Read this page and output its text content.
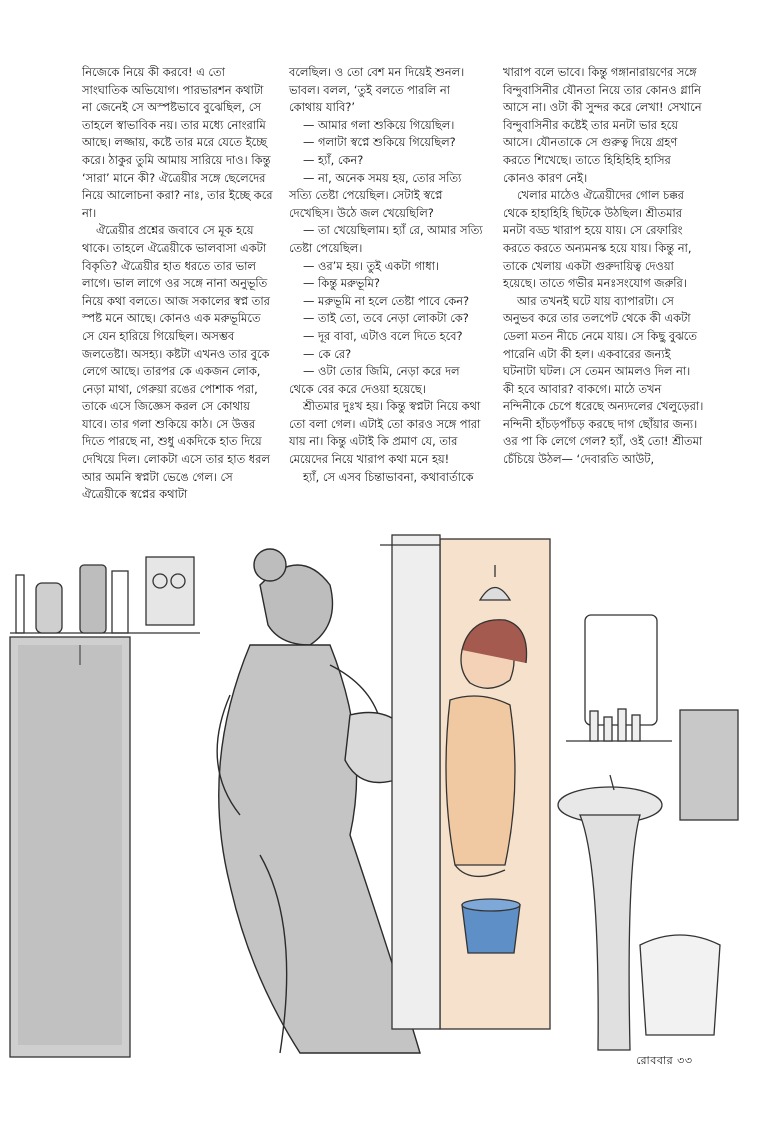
নিজেকে নিয়ে কী করবে! এ তো সাংঘাতিক অভিযোগ। পারভারশন কথাটা না জেনেই সে অস্পষ্টভাবে বুঝেছিল, সে তাহলে স্বাভাবিক নয়। তার মধ্যে নোংরামি আছে। লজ্জায়, কষ্টে তার মরে যেতে ইচ্ছে করে। ঠাকুর তুমি আমায় সারিয়ে দাও। কিন্তু ‘সারা’ মানে কী? ঐত্রেয়ীর সঙ্গে ছেলেদের নিয়ে আলোচনা করা? নাঃ, তার ইচ্ছে করে না।

ঐত্রেয়ীর প্রশ্নের জবাবে সে মূক হয়ে থাকে। তাহলে ঐত্রেয়ীকে ভালবাসা একটা বিকৃতি? ঐত্রেয়ীর হাত ধরতে তার ভাল লাগে। ভাল লাগে ওর সঙ্গে নানা অনুভূতি নিয়ে কথা বলতে। আজ সকালের স্বপ্ন তার স্পষ্ট মনে আছে। কোনও এক মরুভূমিতে সে যেন হারিয়ে গিয়েছিল। অসম্ভব জলতেষ্টা। অসহ্য। কষ্টটা এখনও তার বুকে লেগে আছে। তারপর কে একজন লোক, নেড়া মাথা, গেরুয়া রঙের পোশাক পরা, তাকে এসে জিজ্ঞেস করল সে কোথায় যাবে। তার গলা শুকিয়ে কাঠ। সে উত্তর দিতে পারছে না, শুধু একদিকে হাত দিয়ে দেখিয়ে দিল। লোকটা এসে তার হাত ধরল আর অমনি স্বপ্নটা ভেঙে গেল। সে ঐত্রেয়ীকে স্বপ্নের কথাটা

বলেছিল। ও তো বেশ মন দিয়েই শুনল। ভাবল। বলল, ‘তুই বলতে পারলি না কোথায় যাবি?’

— আমার গলা শুকিয়ে গিয়েছিল।

— গলাটা স্বপ্নে শুকিয়ে গিয়েছিল?

— হ্যাঁ, কেন?

— না, অনেক সময় হয়, তোর সত্যি সত্যি তেষ্টা পেয়েছিল। সেটাই স্বপ্নে দেখেছিস। উঠে জল খেয়েছিলি?

— তা খেয়েছিলাম। হ্যাঁ রে, আমার সত্যি তেষ্টা পেয়েছিল।

— ওর’ম হয়। তুই একটা গাধা।

— কিন্তু মরুভূমি?

— মরুভূমি না হলে তেষ্টা পাবে কেন?

— তাই তো, তবে নেড়া লোকটা কে?

— দূর বাবা, এটাও বলে দিতে হবে?

— কে রে?

— ওটা তোর জিমি, নেড়া করে দল থেকে বের করে দেওয়া হয়েছে।

শ্রীতমার দুঃখ হয়। কিন্তু স্বপ্নটা নিয়ে কথা তো বলা গেল। এটাই তো কারও সঙ্গে পারা যায় না। কিন্তু এটাই কি প্রমাণ যে, তার মেয়েদের নিয়ে খারাপ কথা মনে হয়!

হ্যাঁ, সে এসব চিন্তাভাবনা, কথাবার্তাকে

খারাপ বলে ভাবে। কিন্তু গঙ্গানারায়ণের সঙ্গে বিন্দুবাসিনীর যৌনতা নিয়ে তার কোনও গ্লানি আসে না। ওটা কী সুন্দর করে লেখা! সেখানে বিন্দুবাসিনীর কষ্টেই তার মনটা ভার হয়ে আসে। যৌনতাকে সে গুরুত্ব দিয়ে গ্রহণ করতে শিখেছে। তাতে হিহিহিহি হাসির কোনও কারণ নেই।

খেলার মাঠেও ঐত্রেয়ীদের গোল চক্কর থেকে হাহাহিহি ছিটকে উঠছিল। শ্রীতমার মনটা বড্ড খারাপ হয়ে যায়। সে রেফারিং করতে করতে অন্যমনস্ক হয়ে যায়। কিন্তু না, তাকে খেলায় একটা গুরুদায়িত্ব দেওয়া হয়েছে। তাতে গভীর মনঃসংযোগ জরুরি।

আর তখনই ঘটে যায় ব্যাপারটা। সে অনুভব করে তার তলপেট থেকে কী একটা ডেলা মতন নীচে নেমে যায়। সে কিছু বুঝতে পারেনি এটা কী হল। একবারের জন্যই ঘটনাটা ঘটল। সে তেমন আমলও দিল না। কী হবে আবার? বাকগে। মাঠে তখন নন্দিনীকে চেপে ধরেছে অন্যদলের খেলুড়েরা। নন্দিনী হাঁচড়পাঁচড় করছে দাগ ছোঁয়ার জন্য। ওর পা কি লেগে গেল? হ্যাঁ, ওই তো! শ্রীতমা চেঁচিয়ে উঠল— ‘দেবারতি আউট,

রোববার ৩৩
